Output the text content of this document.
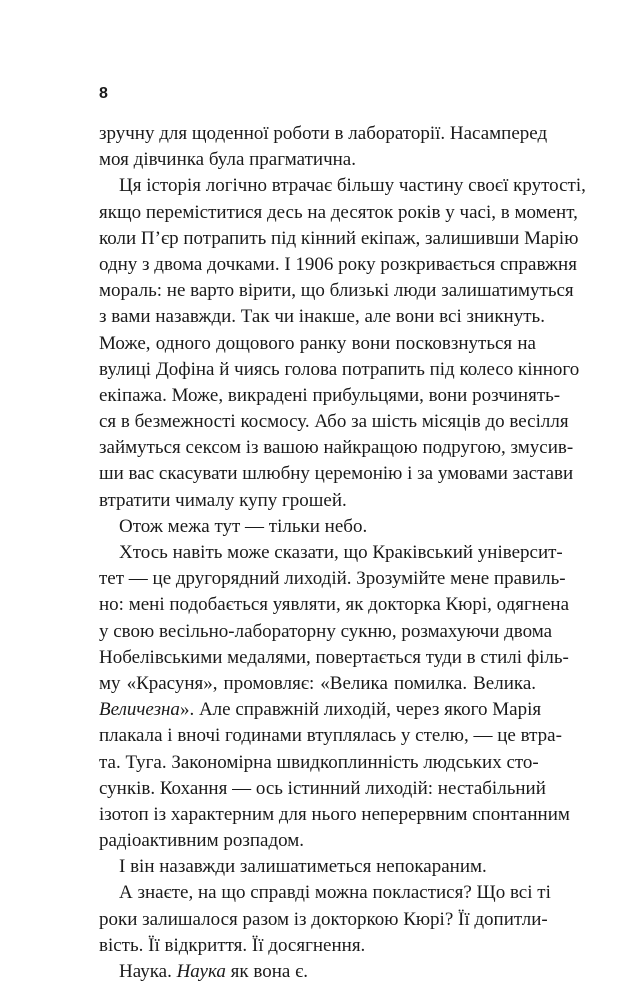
8
зручну для щоденної роботи в лабораторії. Насамперед
моя дівчинка була прагматична.
Ця історія логічно втрачає більшу частину своєї крутості,
якщо переміститися десь на десяток років у часі, в момент,
коли П’єр потрапить під кінний екіпаж, залишивши Марію
одну з двома дочками. І 1906 року розкривається справжня
мораль: не варто вірити, що близькі люди залишатимуться
з вами назавжди. Так чи інакше, але вони всі зникнуть.
Може, одного дощового ранку вони посковзнуться на
вулиці Дофіна й чиясь голова потрапить під колесо кінного
екіпажа. Може, викрадені прибульцями, вони розчинять-
ся в безмежності космосу. Або за шість місяців до весілля
займуться сексом із вашою найкращою подругою, змусив-
ши вас скасувати шлюбну церемонію і за умовами застави
втратити чималу купу грошей.
Отож межа тут — тільки небо.
Хтось навіть може сказати, що Краківський університ-
тет — це другорядний лиходій. Зрозумійте мене правиль-
но: мені подобається уявляти, як докторка Кюрі, одягнена
у свою весільно-лабораторну сукню, розмахуючи двома
Нобелівськими медалями, повертається туди в стилі філь-
му «Красуня», промовляє: «Велика помилка. Велика.
Величезна». Але справжній лиходій, через якого Марія
плакала і вночі годинами втуплялась у стелю, — це втра-
та. Туга. Закономірна швидкоплинність людських сто-
сунків. Кохання — ось істинний лиходій: нестабільний
ізотоп із характерним для нього неперервним спонтанним
радіоактивним розпадом.
І він назавжди залишатиметься непокараним.
А знаєте, на що справді можна покластися? Що всі ті
роки залишалося разом із докторкою Кюрі? Її допитли-
вість. Її відкриття. Її досягнення.
Наука. Наука як вона є.
